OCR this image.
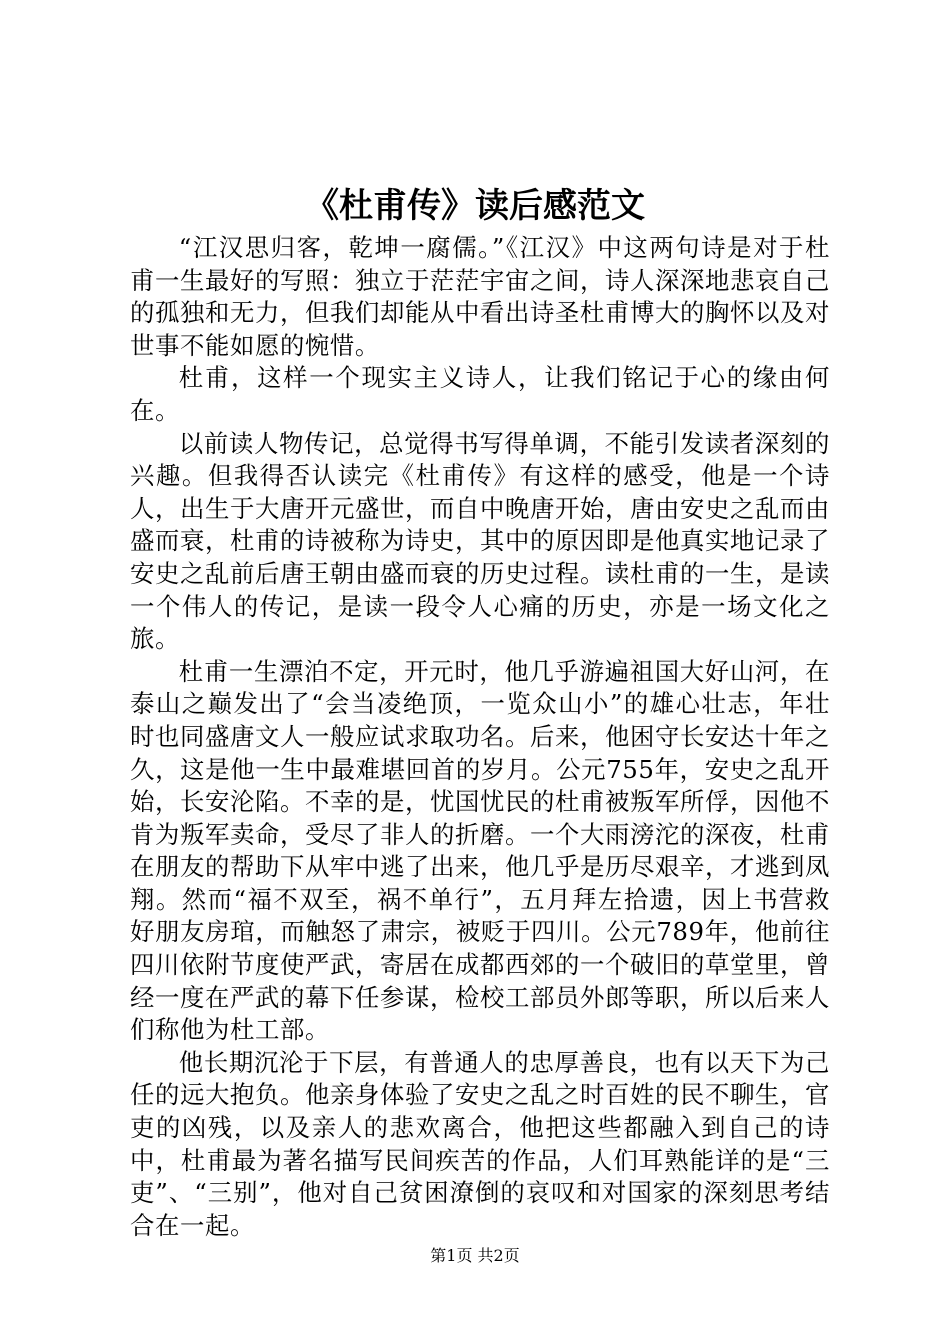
《杜甫传》读后感范文

“江汉思归客，乾坤一腐儒。”《江汉》中这两句诗是对于杜甫一生最好的写照：独立于茫茫宇宙之间，诗人深深地悲哀自己的孤独和无力，但我们却能从中看出诗圣杜甫博大的胸怀以及对世事不能如愿的惋惜。

杜甫，这样一个现实主义诗人，让我们铭记于心的缘由何在。

以前读人物传记，总觉得书写得单调，不能引发读者深刻的兴趣。但我得否认读完《杜甫传》有这样的感受，他是一个诗人，出生于大唐开元盛世，而自中晚唐开始，唐由安史之乱而由盛而衰，杜甫的诗被称为诗史，其中的原因即是他真实地记录了安史之乱前后唐王朝由盛而衰的历史过程。读杜甫的一生，是读一个伟人的传记，是读一段令人心痛的历史，亦是一场文化之旅。

杜甫一生漂泊不定，开元时，他几乎游遍祖国大好山河，在泰山之巅发出了“会当凌绝顶，一览众山小”的雄心壮志，年壮时也同盛唐文人一般应试求取功名。后来，他困守长安达十年之久，这是他一生中最难堪回首的岁月。公元755年，安史之乱开始，长安沦陷。不幸的是，忧国忧民的杜甫被叛军所俘，因他不肯为叛军卖命，受尽了非人的折磨。一个大雨滂沱的深夜，杜甫在朋友的帮助下从牢中逃了出来，他几乎是历尽艰辛，才逃到凤翔。然而“福不双至，祸不单行”，五月拜左拾遗，因上书营救好朋友房琯，而触怒了肃宗，被贬于四川。公元789年，他前往四川依附节度使严武，寄居在成都西郊的一个破旧的草堂里，曾经一度在严武的幕下任参谋，检校工部员外郎等职，所以后来人们称他为杜工部。

他长期沉沦于下层，有普通人的忠厚善良，也有以天下为己任的远大抱负。他亲身体验了安史之乱之时百姓的民不聊生，官吏的凶残，以及亲人的悲欢离合，他把这些都融入到自己的诗中，杜甫最为著名描写民间疾苦的作品，人们耳熟能详的是“三吏”、“三别”，他对自己贫困潦倒的哀叹和对国家的深刻思考结合在一起。

第1页 共2页
